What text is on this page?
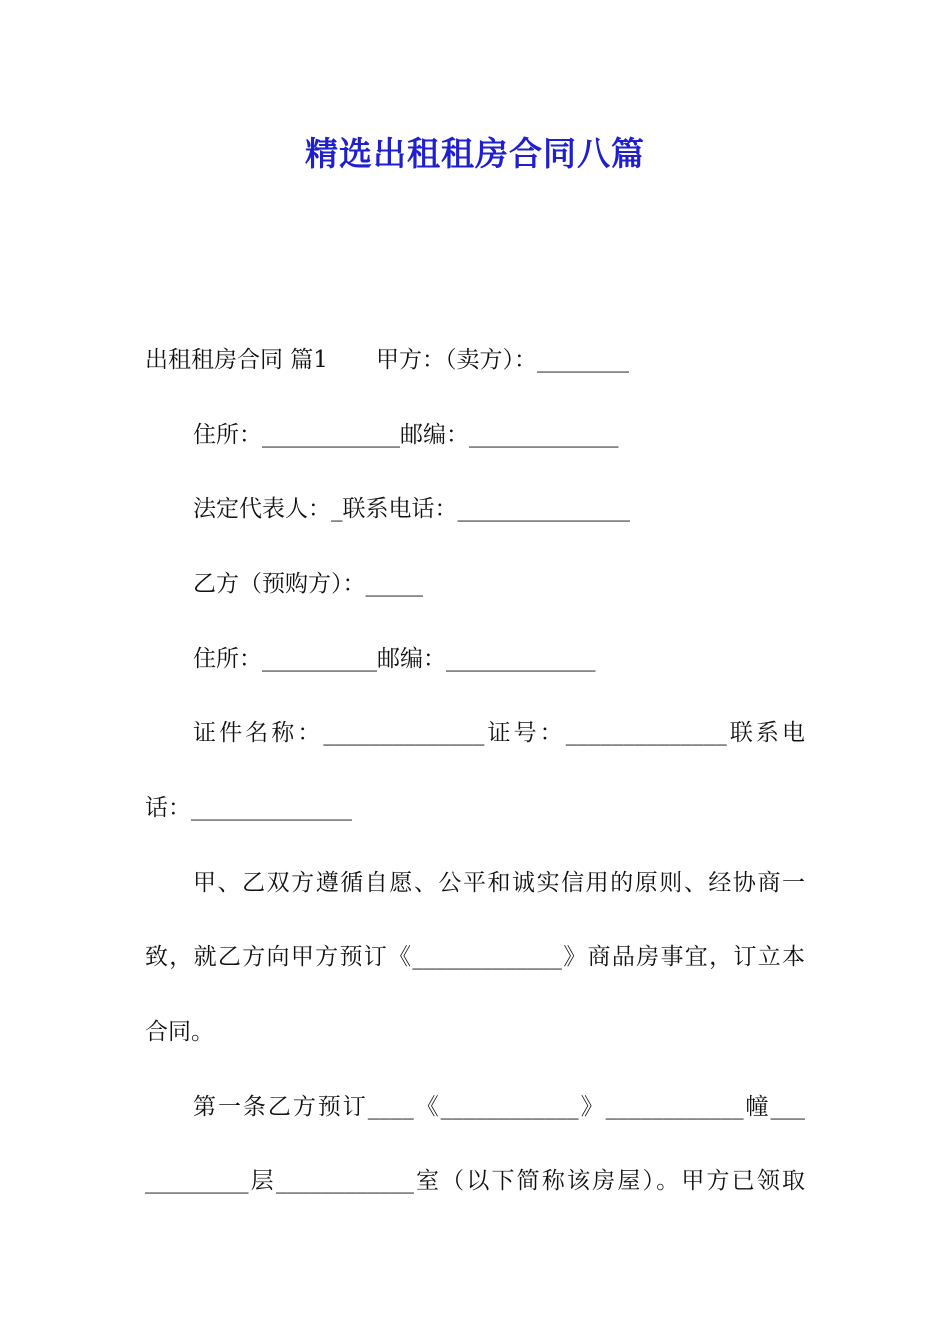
精选出租租房合同八篇

出租租房合同 篇1 甲方：（卖方）：________

住所：____________邮编：_____________

法定代表人：_联系电话：_______________

乙方（预购方）：_____

住所：__________邮编：_____________

证件名称：______________证号：______________联系电

话：______________

甲、乙双方遵循自愿、公平和诚实信用的原则、经协商一

致，就乙方向甲方预订《_____________》商品房事宜，订立本

合同。

第一条乙方预订____《____________》____________幢___

_________层____________室（以下简称该房屋）。甲方已领取
